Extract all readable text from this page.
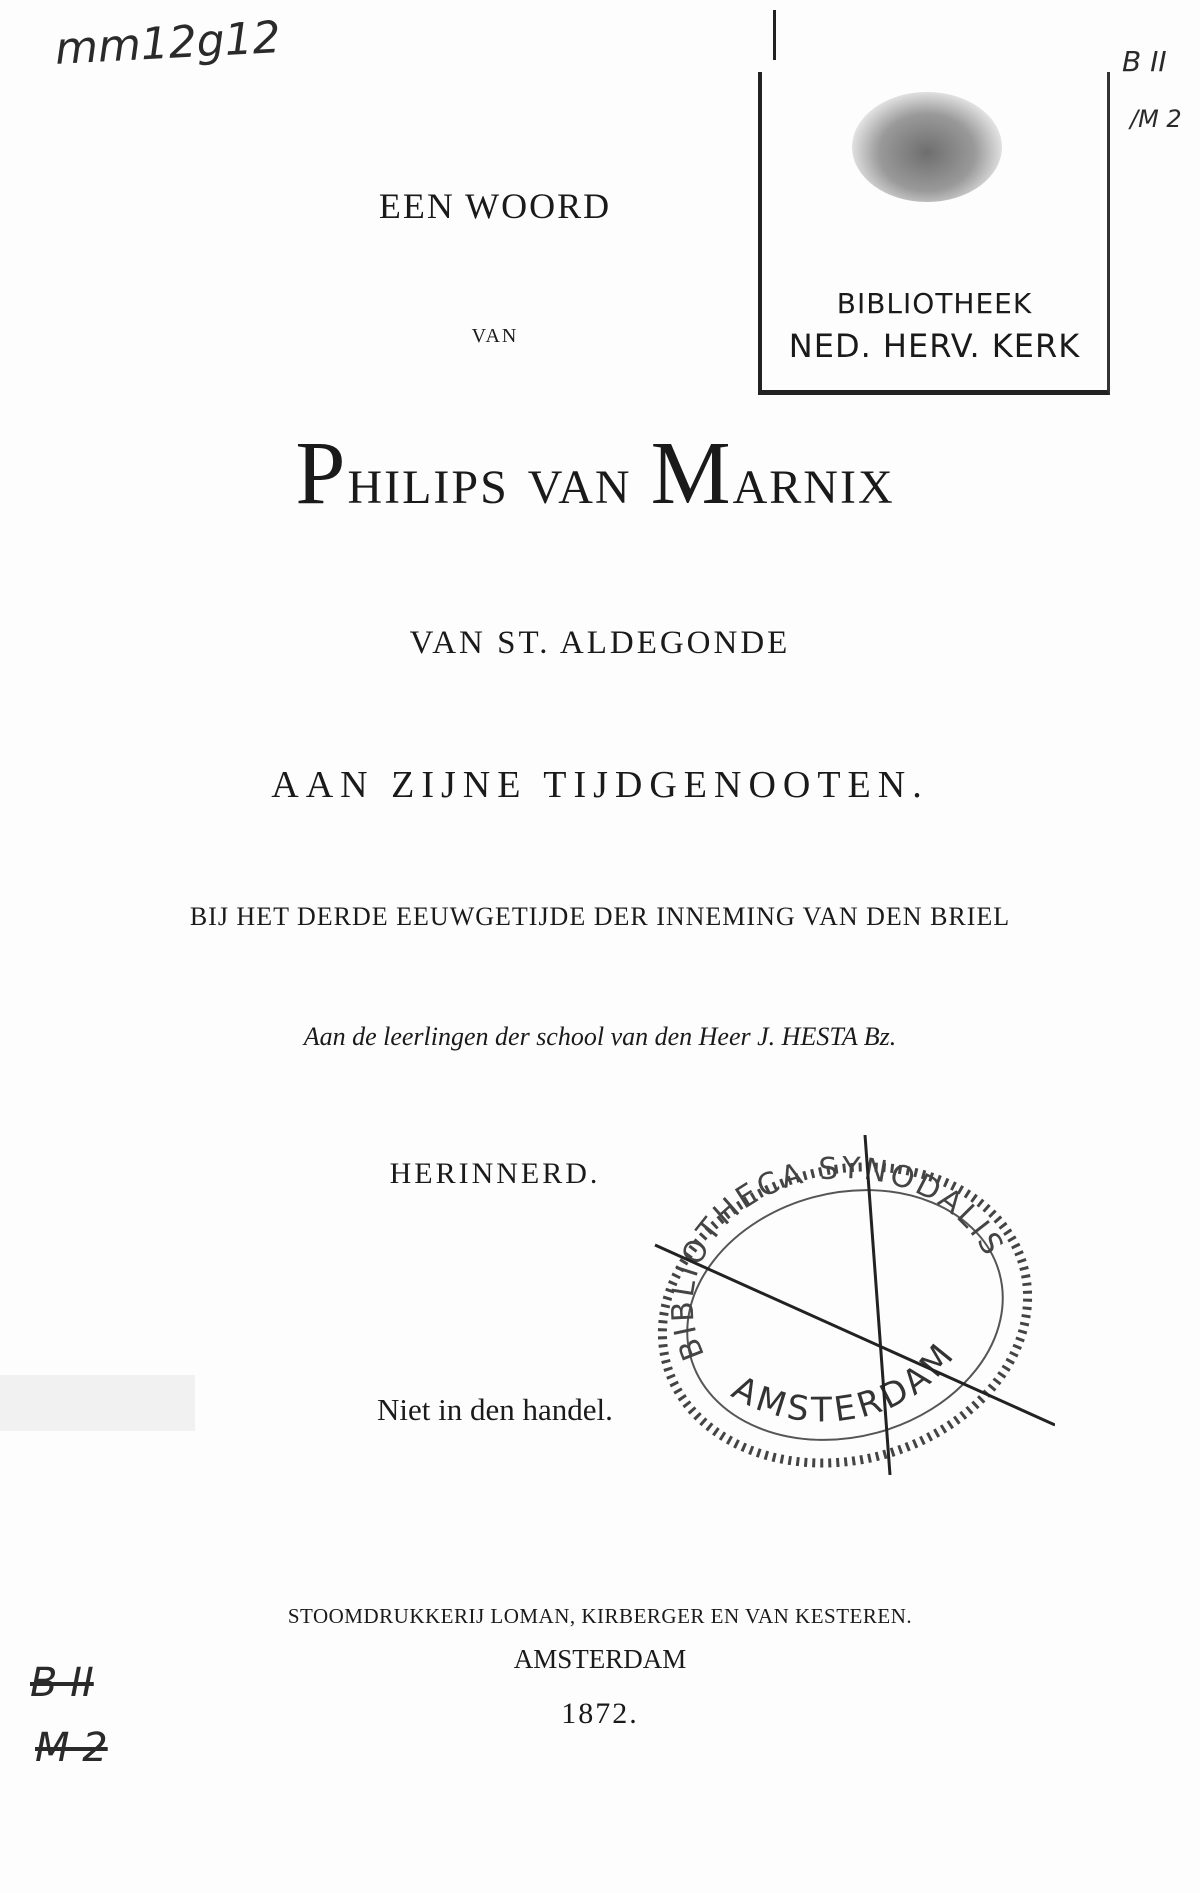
mm12g12	B II
/M 2
BIBLIOTHEEK
NED. HERV. KERK
EEN WOORD
VAN
Philips van Marnix
VAN ST. ALDEGONDE
AAN ZIJNE TIJDGENOOTEN.
BIJ HET DERDE EEUWGETIJDE DER INNEMING VAN DEN BRIEL
Aan de leerlingen der school van den Heer J. HESTA Bz.
HERINNERD.
Niet in den handel.
BIBLIOTHECA SYNODALIS
AMSTERDAM
B II
M 2
STOOMDRUKKERIJ LOMAN, KIRBERGER EN VAN KESTEREN.
AMSTERDAM
1872.
